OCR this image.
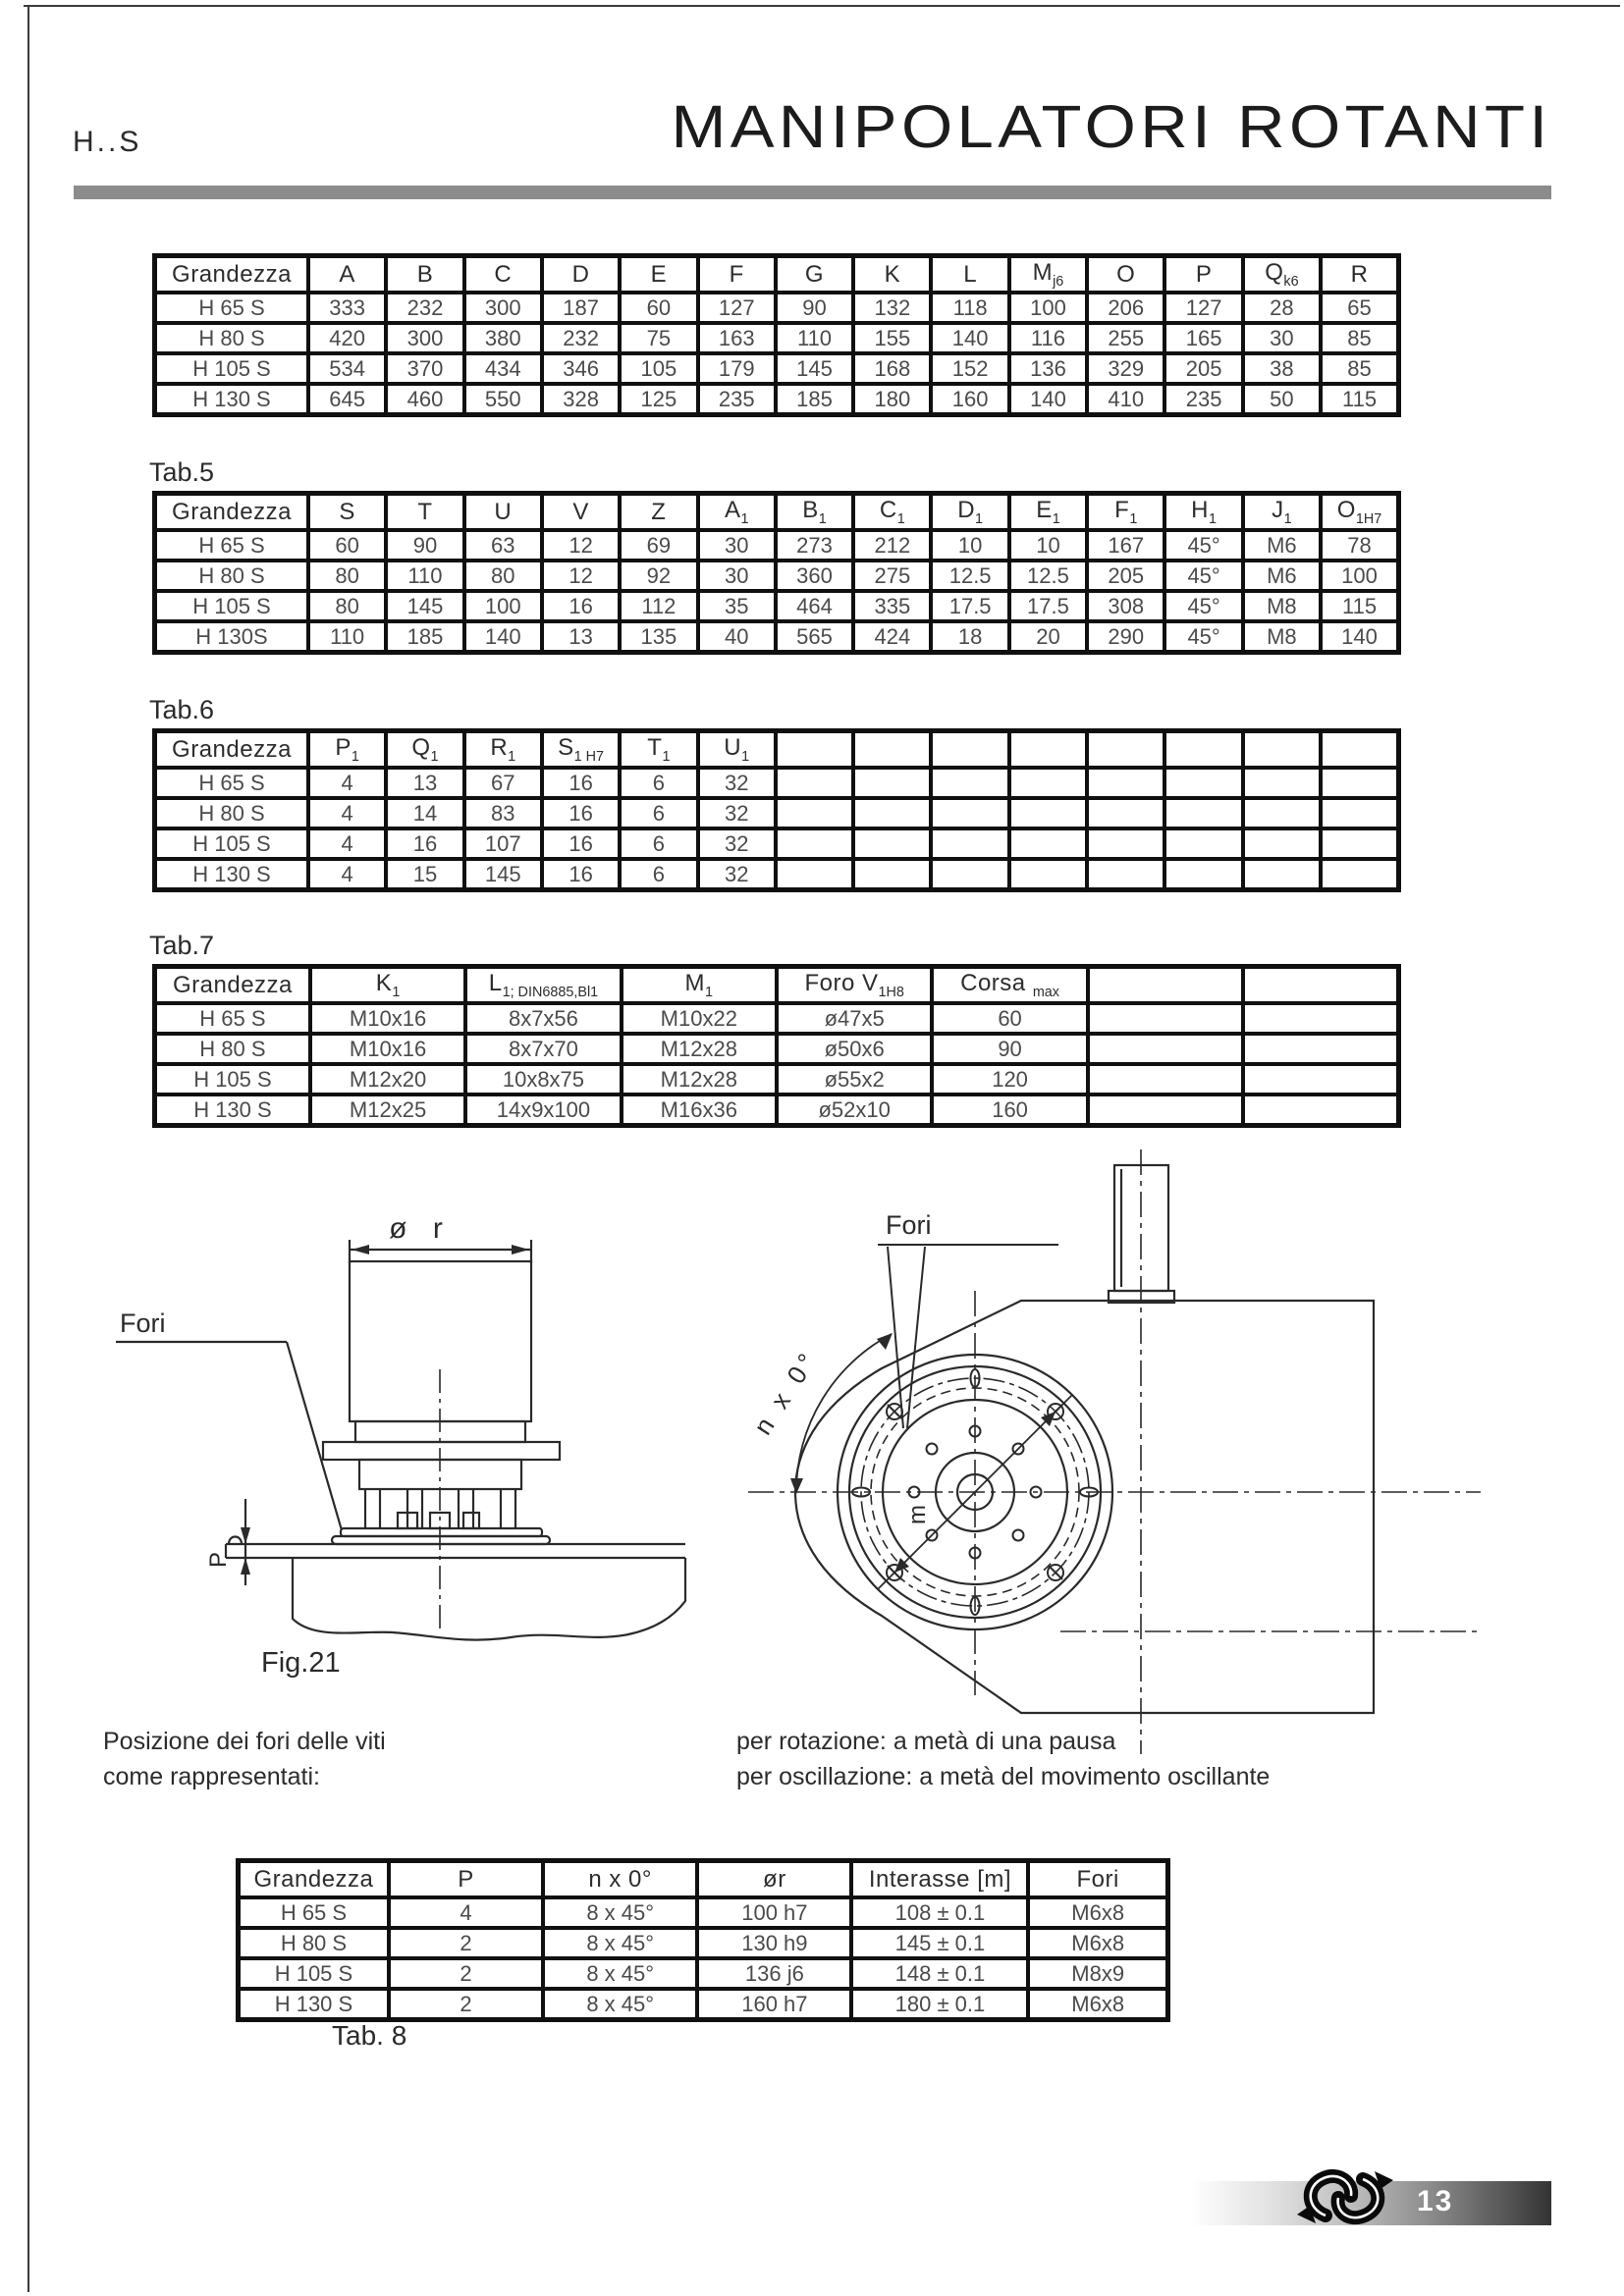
H..S	MANIPOLATORI ROTANTI
Grandezza	A	B	C	D	E	F	G	K	L	$M_{j6}$	O	P	$Q_{k6}$	R
H 65 S	333	232	300	187	60	127	90	132	118	100	206	127	28	65
H 80 S	420	300	380	232	75	163	110	155	140	116	255	165	30	85
H 105 S	534	370	434	346	105	179	145	168	152	136	329	205	38	85
H 130 S	645	460	550	328	125	235	185	180	160	140	410	235	50	115
Tab.5
Grandezza	S	T	U	V	Z	$A_1$	$B_1$	$C_1$	$D_1$	$E_1$	$F_1$	$H_1$	$J_1$	$O_{1H7}$
H 65 S	60	90	63	12	69	30	273	212	10	10	167	45°	M6	78
H 80 S	80	110	80	12	92	30	360	275	12.5	12.5	205	45°	M6	100
H 105 S	80	145	100	16	112	35	464	335	17.5	17.5	308	45°	M8	115
H 130S	110	185	140	13	135	40	565	424	18	20	290	45°	M8	140
Tab.6
Grandezza	$P_1$	$Q_1$	$R_1$	$S_{1 H7}$	$T_1$	$U_1$								
H 65 S	4	13	67	16	6	32								
H 80 S	4	14	83	16	6	32								
H 105 S	4	16	107	16	6	32								
H 130 S	4	15	145	16	6	32								
Tab.7
Grandezza	$K_1$	$L_{1; DIN6885,Bl1}$	$M_1$	Foro $V_{1H8}$	Corsa $_{max}$		
H 65 S	M10x16	8x7x56	M10x22	ø47x5	60		
H 80 S	M10x16	8x7x70	M12x28	ø50x6	90		
H 105 S	M12x20	10x8x75	M12x28	ø55x2	120		
H 130 S	M12x25	14x9x100	M16x36	ø52x10	160		
ø r
Fori
P
Fig.21
Fori
n x 0°
m
Posizione dei fori delle viti
come rappresentati:
per rotazione: a metà di una pausa
per oscillazione: a metà del movimento oscillante
Grandezza	P	n x 0°	ør	Interasse [m]	Fori
H 65 S	4	8 x 45°	100 h7	108 ± 0.1	M6x8
H 80 S	2	8 x 45°	130 h9	145 ± 0.1	M6x8
H 105 S	2	8 x 45°	136 j6	148 ± 0.1	M8x9
H 130 S	2	8 x 45°	160 h7	180 ± 0.1	M6x8
Tab. 8
13
